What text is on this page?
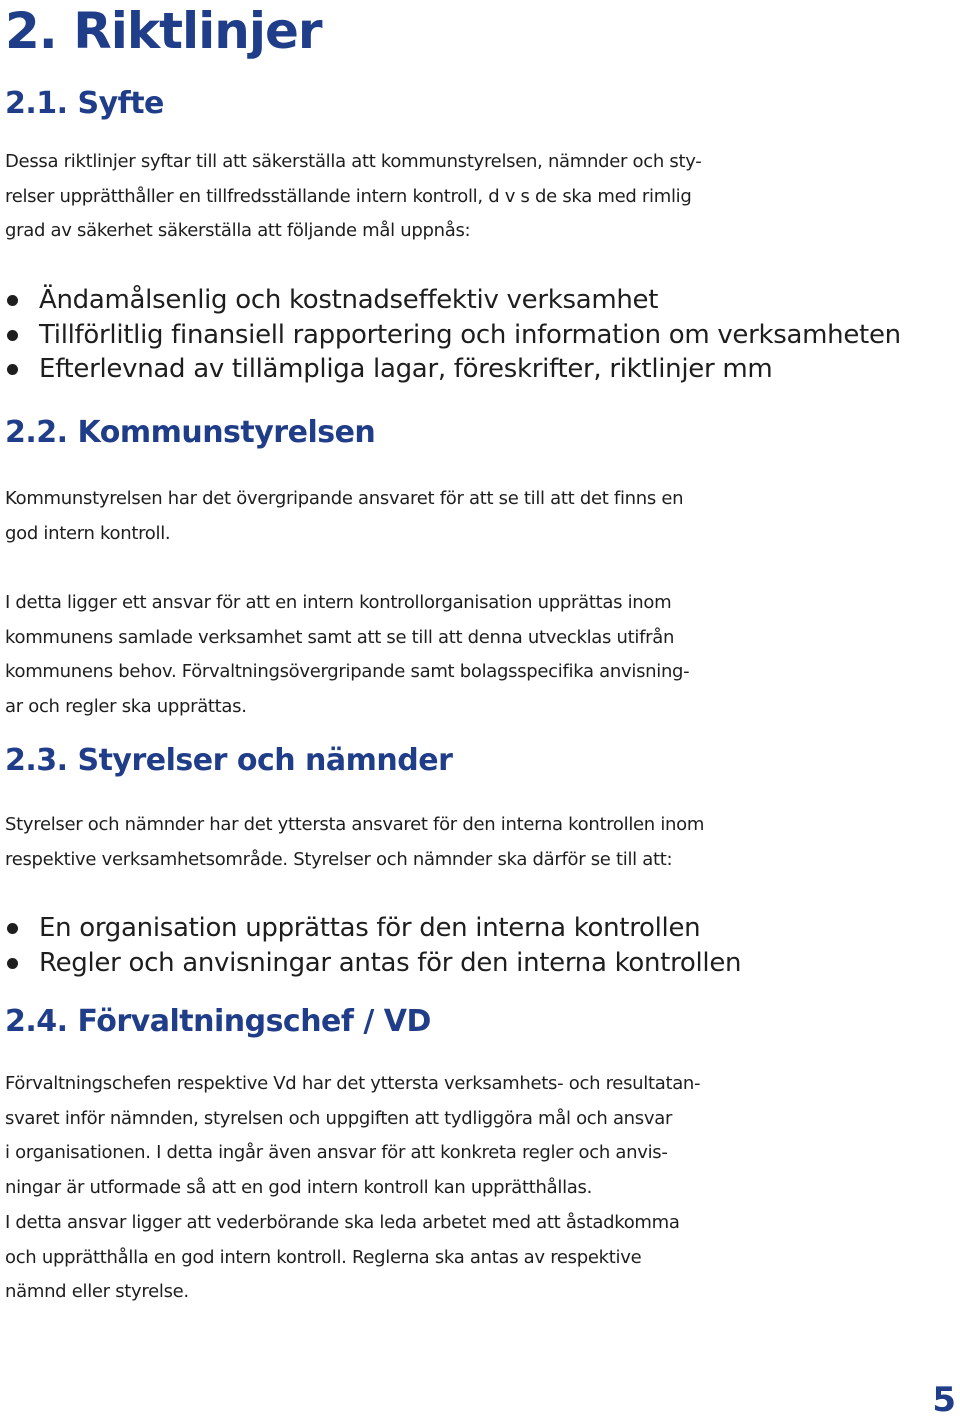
2. Riktlinjer
2.1. Syfte
Dessa riktlinjer syftar till att säkerställa att kommunstyrelsen, nämnder och sty-
relser upprätthåller en tillfredsställande intern kontroll, d v s de ska med rimlig
grad av säkerhet säkerställa att följande mål uppnås:
Ändamålsenlig och kostnadseffektiv verksamhet
Tillförlitlig finansiell rapportering och information om verksamheten
Efterlevnad av tillämpliga lagar, föreskrifter, riktlinjer mm
2.2. Kommunstyrelsen
Kommunstyrelsen har det övergripande ansvaret för att se till att det finns en
god intern kontroll.
I detta ligger ett ansvar för att en intern kontrollorganisation upprättas inom
kommunens samlade verksamhet samt att se till att denna utvecklas utifrån
kommunens behov. Förvaltningsövergripande samt bolagsspecifika anvisning-
ar och regler ska upprättas.
2.3. Styrelser och nämnder
Styrelser och nämnder har det yttersta ansvaret för den interna kontrollen inom
respektive verksamhetsområde. Styrelser och nämnder ska därför se till att:
En organisation upprättas för den interna kontrollen
Regler och anvisningar antas för den interna kontrollen
2.4. Förvaltningschef / VD
Förvaltningschefen respektive Vd har det yttersta verksamhets- och resultatan-
svaret inför nämnden, styrelsen och uppgiften att tydliggöra mål och ansvar
i organisationen. I detta ingår även ansvar för att konkreta regler och anvis-
ningar är utformade så att en god intern kontroll kan upprätthållas.
I detta ansvar ligger att vederbörande ska leda arbetet med att åstadkomma
och upprätthålla en god intern kontroll. Reglerna ska antas av respektive
nämnd eller styrelse.
5
